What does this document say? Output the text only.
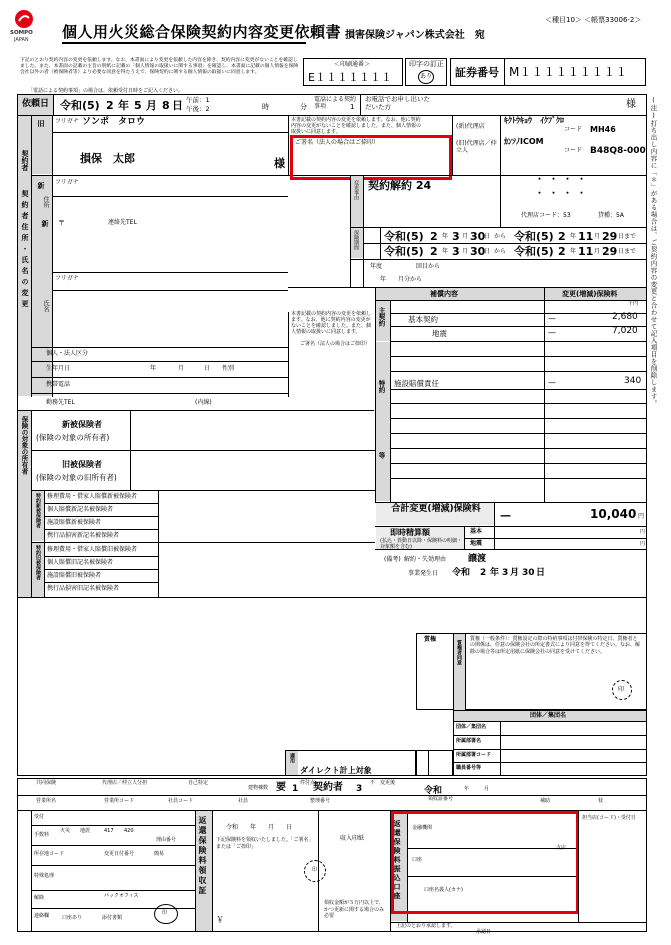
SOMPO
JAPAN 個人用火災総合保険契約内容変更依頼書 損害保険ジャパン株式会社　宛
＜種目10＞ ＜帳票33006-2＞
下記のとおり契約内容の変更を依頼します。なお、本書面により変更を依頼した内容を除き、契約内容に変更がないことを確認しました。また、本書面の記載の主旨の別紙に記載の「個人情報の取扱いに関する事項」を確認し、本書面に記載の個人情報を保険会社以外の者（被保険者等）より必要な同意を得たうえで、保険契約に関する個人情報の取扱いに同意します。
「電話による契約事項」の場合は、依頼受付日時をご記入ください。
＜印刷通番＞
E１１１１１１１
印字の訂正
あり 証券番号 M１１１１１１１１１
依頼日 令和(5) 2 年 5 月 8 日 午前：1
午後：2	時	分
電話による契約事項	1
お電話でお申し出いただいた方	様
契約者
契約者住所・氏名の変更
旧 フリガナ ソンポ　タロウ
損保　太郎	様
本書記載の契約内容の変更を依頼します。なお、他に契約内容の変更がないことを確認しました。また、個人情報の取扱いに同意します。
ご署名（法人の場合はご捺印）
新
新
フリガナ
住所
〒	連絡先TEL
フリガナ
氏名
個人・法人区分
生年月日	年	月	日 性別
携帯電話
勤務先TEL	(内線)
(新)代理店
(旧)代理店／仲立人
ｷｸﾄｳｷｮｳ　ｲｸﾌﾞｸﾛ
コード MH46
ｶﾝｿﾉICOM
コード B48Q8-000
変更事由 契約解約 24	・・・・
・・・・
代理店コード：53	貸種：5A
保険期間 令和(5) 2 年 3 月 30
日 から 令和(5) 2 年 11 月 29 日まで
令和(5) 2 年 3 月 30
日 から 令和(5) 2 年 11 月 29 日まで
年度	回目から
年　　月分から
補償内容	変更(増減)保険料
千円
本書記載の契約内容の変更を依頼します。なお、他に契約内容の変更がないことを確認しました。また、個人情報の取扱いに同意します。
ご署名（法人の場合はご捺印）
主契約
特約
等
基本契約	—	2,680
地震	—	7,020
施設賠償責任	—	340
合計変更(増減)保険料	—	10,040 円
即時精算額
(払込・異動日以降・保険料の明細・対象額を含む)
基本
地震
円
円
(備考) 解約・失効理由 譲渡
事業発生日 令和 2 年 3 月 30 日
保険の対象の所有者	新被保険者
(保険の対象の所有者)
旧被保険者
(保険の対象の旧所有者)
特約新被保険者 修理費用・借家人賠償新被保険者
個人賠償新記名被保険者
施設賠償新被保険者
携行品損害新記名被保険者
特約旧被保険者 修理費用・借家人賠償旧被保険者
個人賠償旧記名被保険者
施設賠償旧被保険者
携行品損害旧記名被保険者
質権
質権者同意
質権（一般条件）：質権設定の際の特約事項は付帯保険の特定日、質権者との関係は、任意の保険会社の所定書式により同意を得てください。なお、解除の場合等は所定用紙に保険会社の同意を受けてください。
印
団体／集団名
団体／集団名
所属部署名
所属部署コード
職員番号等
適用
ダイレクト計上対象
共同保険	代理店／仲立人分担	自己特定
建物棟数 要 1
件付点
契約者 3
不 変更後
令和	年	月
営業所名	営業所コード	社員コード	社員	整理番号	領収証番号	補助	枝
受付
手数料
火災 地震	417 420
理由番号
所在地コード	変更日付番号	簡易
特殊処理
パックオフィス
印
解除
連絡欄	口座あり	添付書類
返還保険料領収証	令和　　年　　月　　日
下記保険料を領収いたしました。「ご署名」または「ご捺印」
印
￥
収入印紙
領収金額が５万円以上で、かつ更新に関する場合のみ必要
返還保険料振込口座 金融機関
支店
口座
口座名義人(カナ)
上記のとおり承認します。
承認日
担当店(コード)・受付日
(注)打ち出し内容に「＊」がある場合は、ご契約内容の変更と合わせて記入項目を削除します。
